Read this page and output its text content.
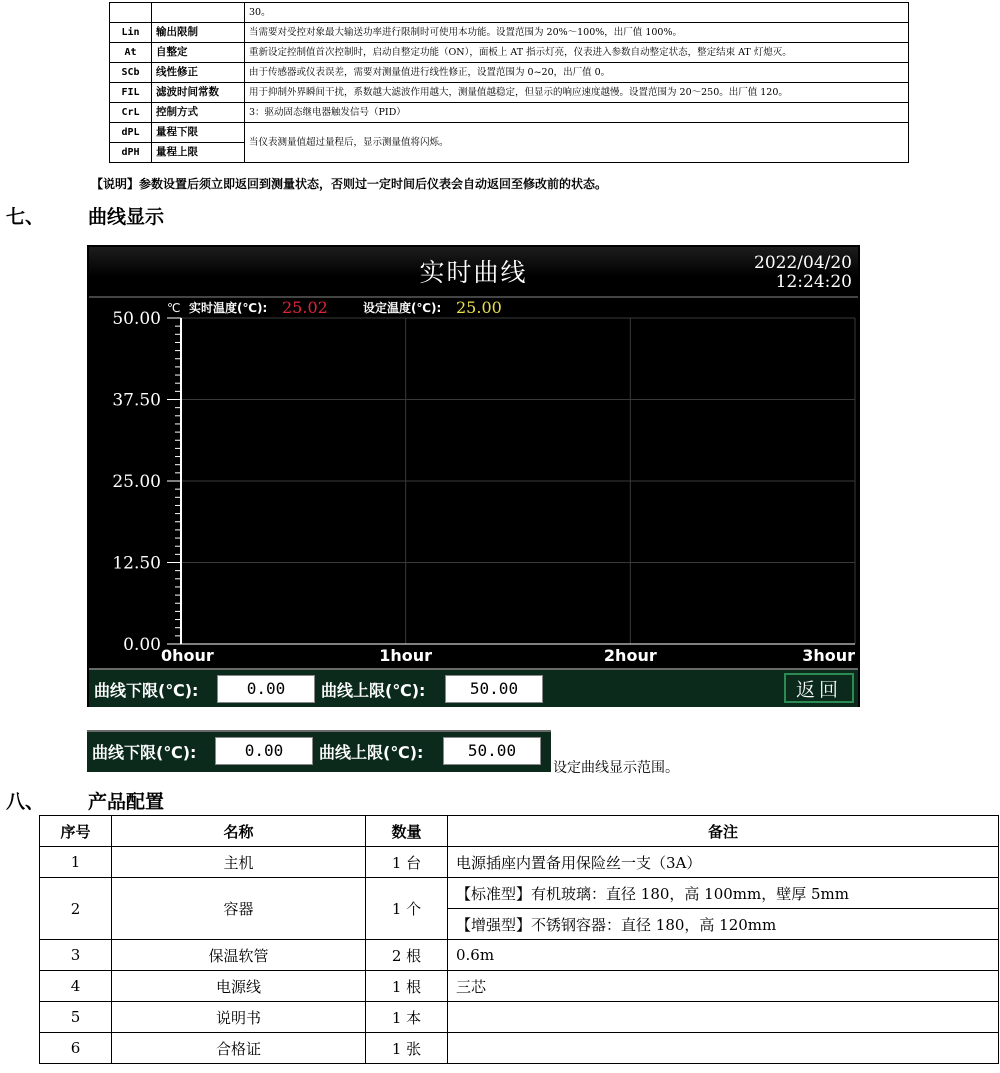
		30。
Lin	输出限制	当需要对受控对象最大输送功率进行限制时可使用本功能。设置范围为 20%～100%，出厂值 100%。
At	自整定	重新设定控制值首次控制时，启动自整定功能（ON），面板上 AT 指示灯亮，仪表进入参数自动整定状态，整定结束 AT 灯熄灭。
SCb	线性修正	由于传感器或仪表误差，需要对测量值进行线性修正，设置范围为 0~20，出厂值 0。
FIL	滤波时间常数	用于抑制外界瞬间干扰，系数越大滤波作用越大，测量值越稳定，但显示的响应速度越慢。设置范围为 20～250。出厂值 120。
CrL	控制方式	3：驱动固态继电器触发信号（PID）
dPL	量程下限	当仪表测量值超过量程后，显示测量值将闪烁。
dPH	量程上限	
【说明】参数设置后须立即返回到测量状态，否则过一定时间后仪表会自动返回至修改前的状态。
七、 曲线显示
实时曲线	2022/04/20
12:24:20
50.00
37.50
25.00
12.50
0.00
0hour	1hour	2hour	3hour
℃ 实时温度(℃): 25.02	设定温度(℃): 25.00
曲线下限(℃):	0.00	曲线上限(℃):	50.00	返回
曲线下限(℃):	0.00	曲线上限(℃):	50.00
设定曲线显示范围。
八、 产品配置
序号	名称	数量	备注
1	主机	1 台	电源插座内置备用保险丝一支（3A）
2	容器	1 个	【标准型】有机玻璃：直径 180，高 100mm，壁厚 5mm
			【增强型】不锈钢容器：直径 180，高 120mm
3	保温软管	2 根	0.6m
4	电源线	1 根	三芯
5	说明书	1 本	
6	合格证	1 张	
